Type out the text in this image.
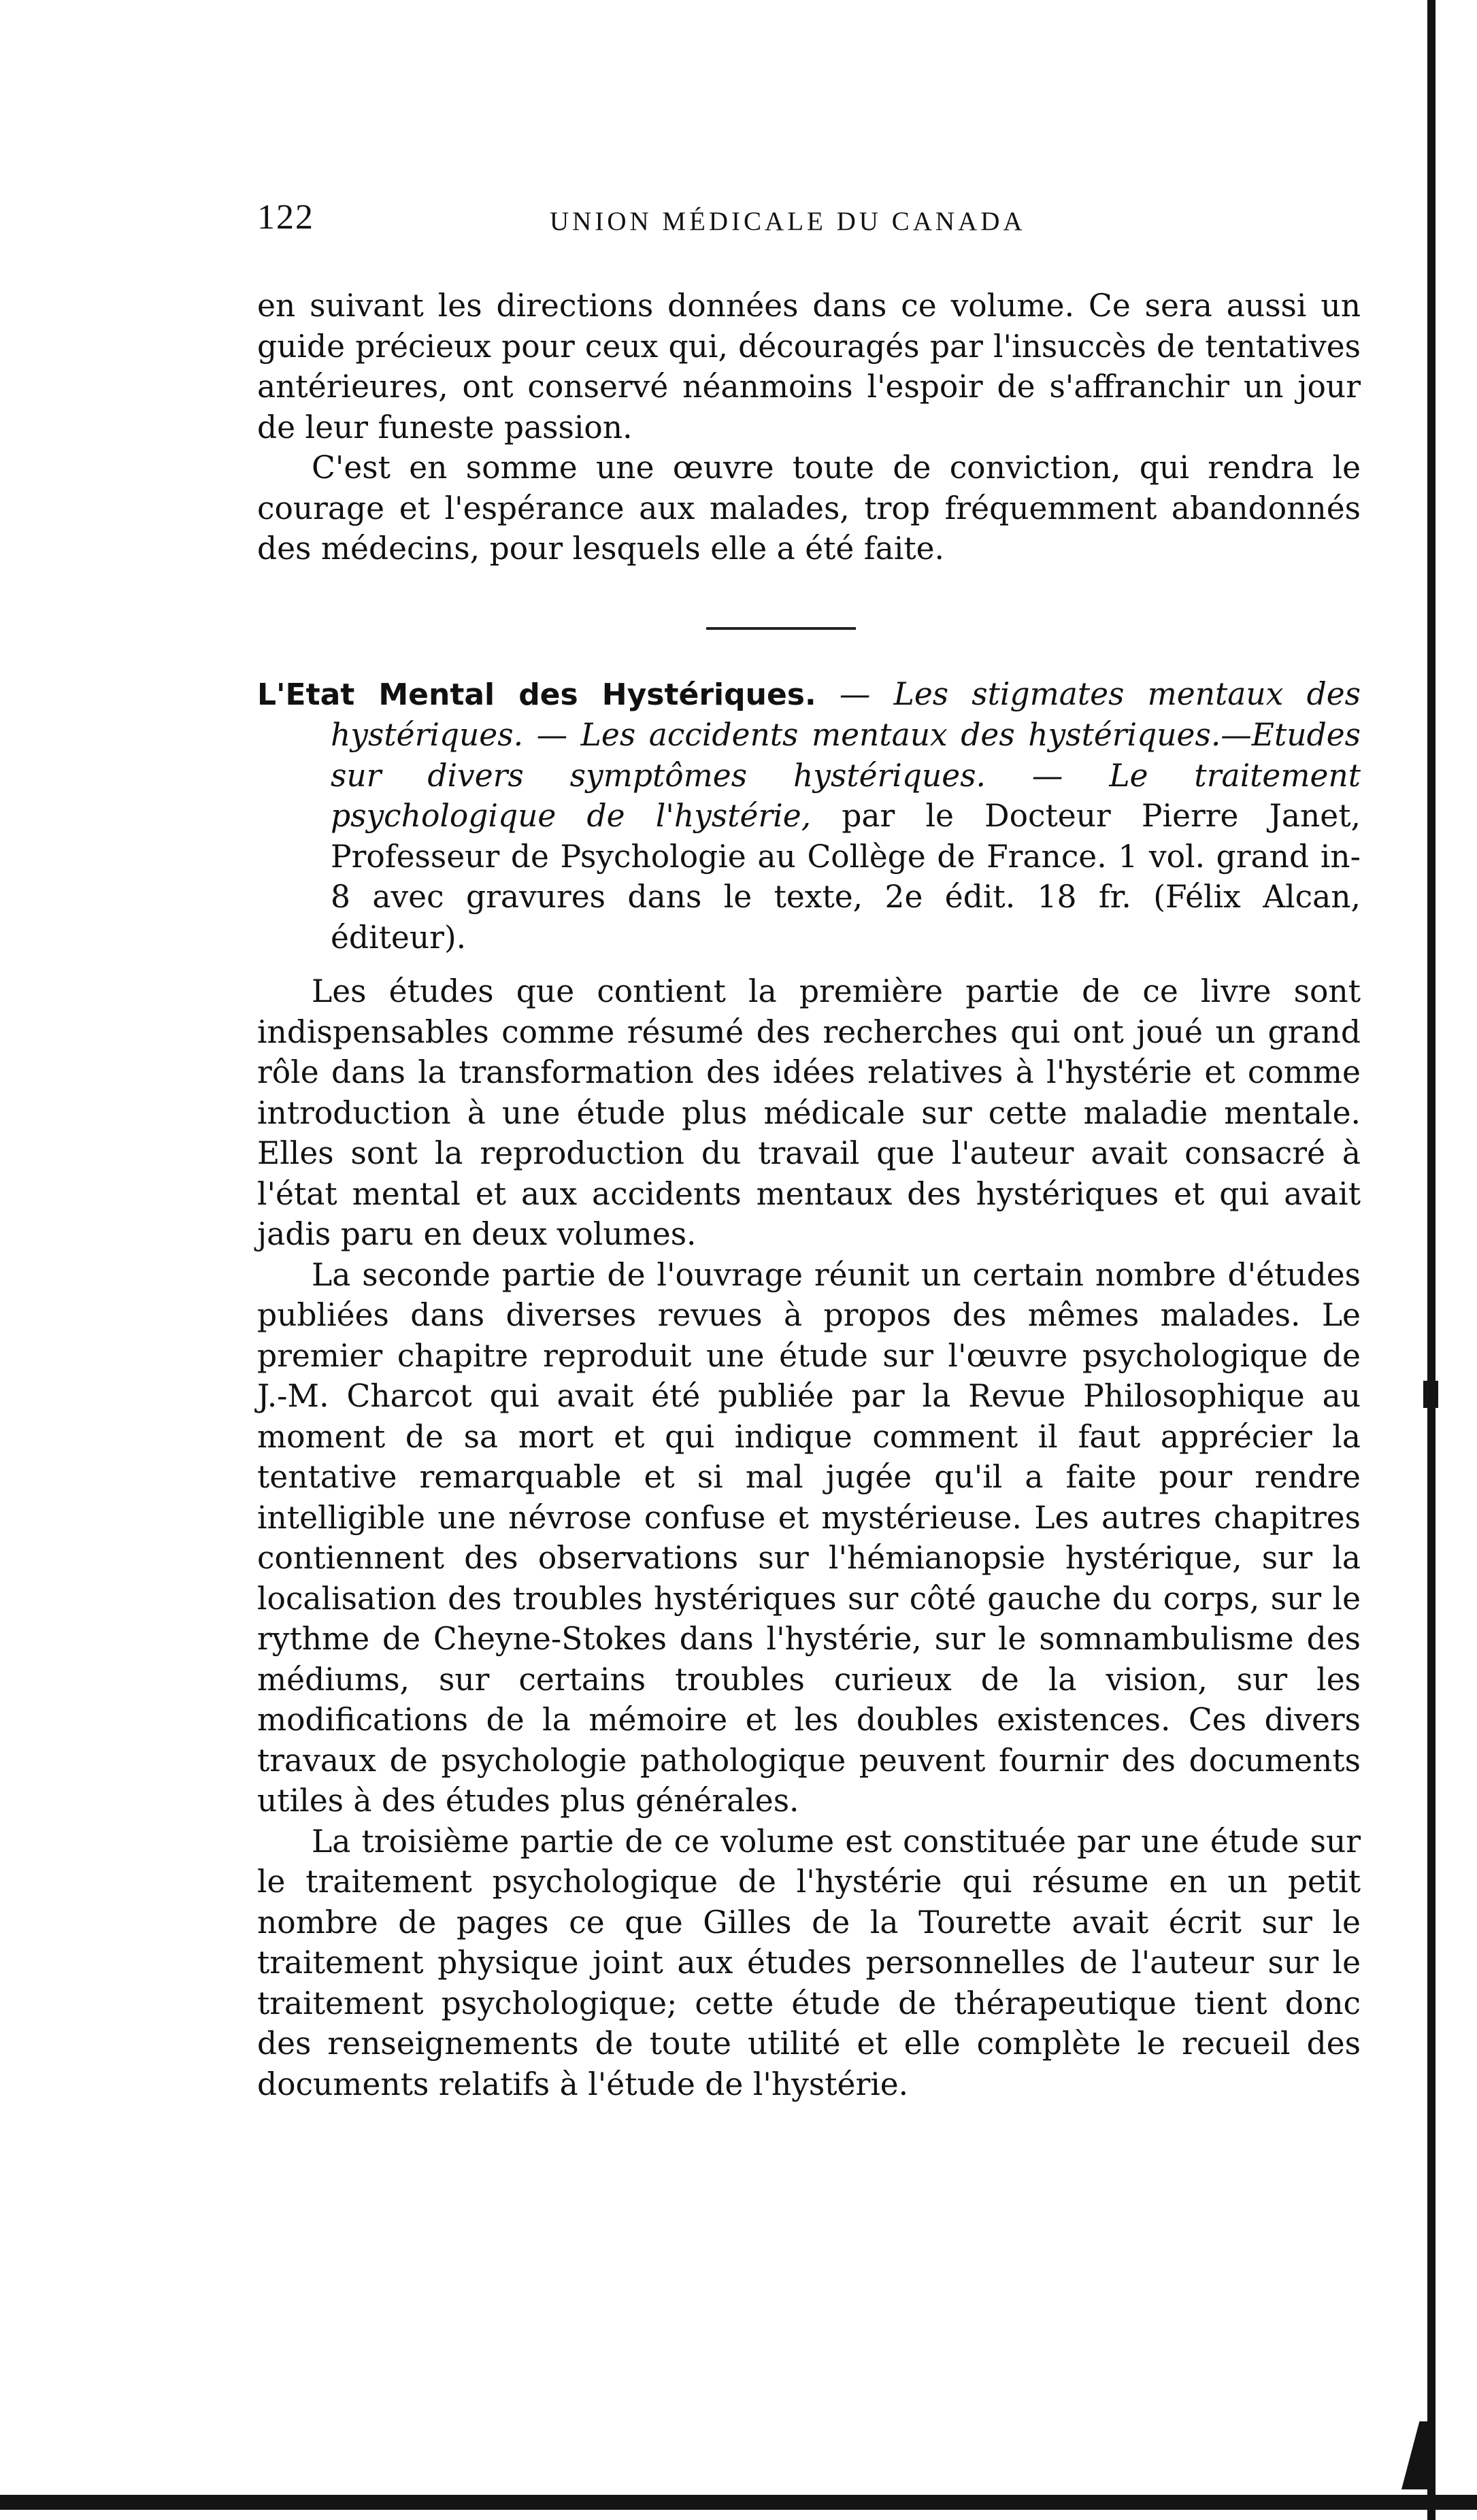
122	UNION MÉDICALE DU CANADA

en suivant les directions données dans ce volume. Ce sera aussi un guide précieux pour ceux qui, découragés par l'insuccès de tentatives antérieures, ont conservé néanmoins l'espoir de s'affranchir un jour de leur funeste passion.

C'est en somme une œuvre toute de conviction, qui rendra le courage et l'espérance aux malades, trop fréquemment abandonnés des médecins, pour lesquels elle a été faite.

L'Etat Mental des Hystériques. — Les stigmates mentaux des hystériques. — Les accidents mentaux des hystériques.—Etudes sur divers symptômes hystériques. — Le traitement psychologique de l'hystérie, par le Docteur Pierre Janet, Professeur de Psychologie au Collège de France. 1 vol. grand in-8 avec gravures dans le texte, 2e édit. 18 fr. (Félix Alcan, éditeur).

Les études que contient la première partie de ce livre sont indispensables comme résumé des recherches qui ont joué un grand rôle dans la transformation des idées relatives à l'hystérie et comme introduction à une étude plus médicale sur cette maladie mentale. Elles sont la reproduction du travail que l'auteur avait consacré à l'état mental et aux accidents mentaux des hystériques et qui avait jadis paru en deux volumes.

La seconde partie de l'ouvrage réunit un certain nombre d'études publiées dans diverses revues à propos des mêmes malades. Le premier chapitre reproduit une étude sur l'œuvre psychologique de J.-M. Charcot qui avait été publiée par la Revue Philosophique au moment de sa mort et qui indique comment il faut apprécier la tentative remarquable et si mal jugée qu'il a faite pour rendre intelligible une névrose confuse et mystérieuse. Les autres chapitres contiennent des observations sur l'hémianopsie hystérique, sur la localisation des troubles hystériques sur côté gauche du corps, sur le rythme de Cheyne-Stokes dans l'hystérie, sur le somnambulisme des médiums, sur certains troubles curieux de la vision, sur les modifications de la mémoire et les doubles existences. Ces divers travaux de psychologie pathologique peuvent fournir des documents utiles à des études plus générales.

La troisième partie de ce volume est constituée par une étude sur le traitement psychologique de l'hystérie qui résume en un petit nombre de pages ce que Gilles de la Tourette avait écrit sur le traitement physique joint aux études personnelles de l'auteur sur le traitement psychologique; cette étude de thérapeutique tient donc des renseignements de toute utilité et elle complète le recueil des documents relatifs à l'étude de l'hystérie.
